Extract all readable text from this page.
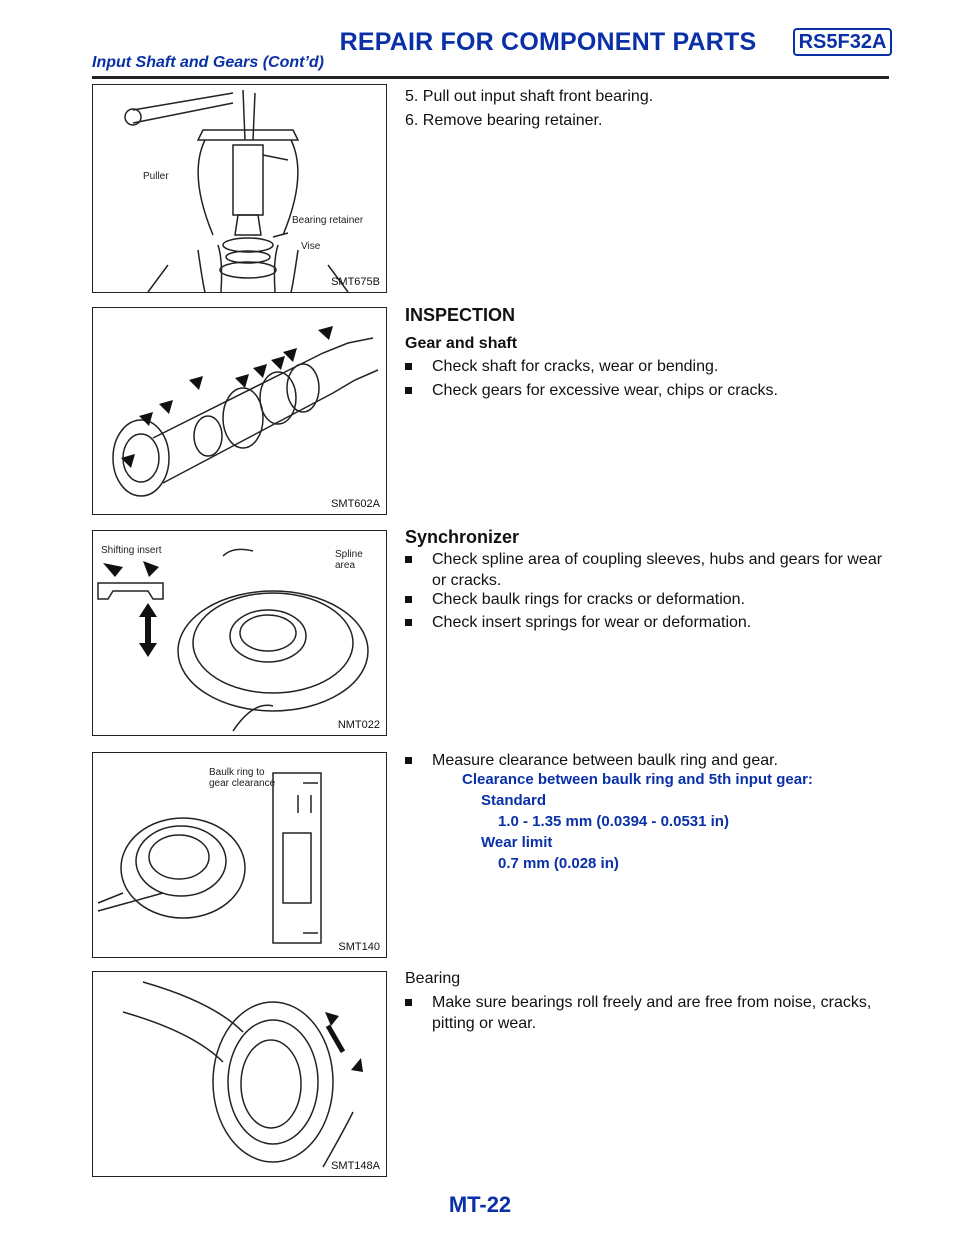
REPAIR FOR COMPONENT PARTS	RS5F32A
Input Shaft and Gears (Cont’d)
Puller
Bearing retainer
Vise
SMT675B
SMT602A
Shifting insert	Spline
area
NMT022
Baulk ring to
gear clearance
SMT140
SMT148A
5. Pull out input shaft front bearing.
6. Remove bearing retainer.
INSPECTION
Gear and shaft
Check shaft for cracks, wear or bending.
Check gears for excessive wear, chips or cracks.
Synchronizer
Check spline area of coupling sleeves, hubs and gears for wear or cracks.
Check baulk rings for cracks or deformation.
Check insert springs for wear or deformation.
Measure clearance between baulk ring and gear.
Clearance between baulk ring and 5th input gear:
Standard
1.0 - 1.35 mm (0.0394 - 0.0531 in)
Wear limit
0.7 mm (0.028 in)
Bearing
Make sure bearings roll freely and are free from noise, cracks, pitting or wear.
MT-22
